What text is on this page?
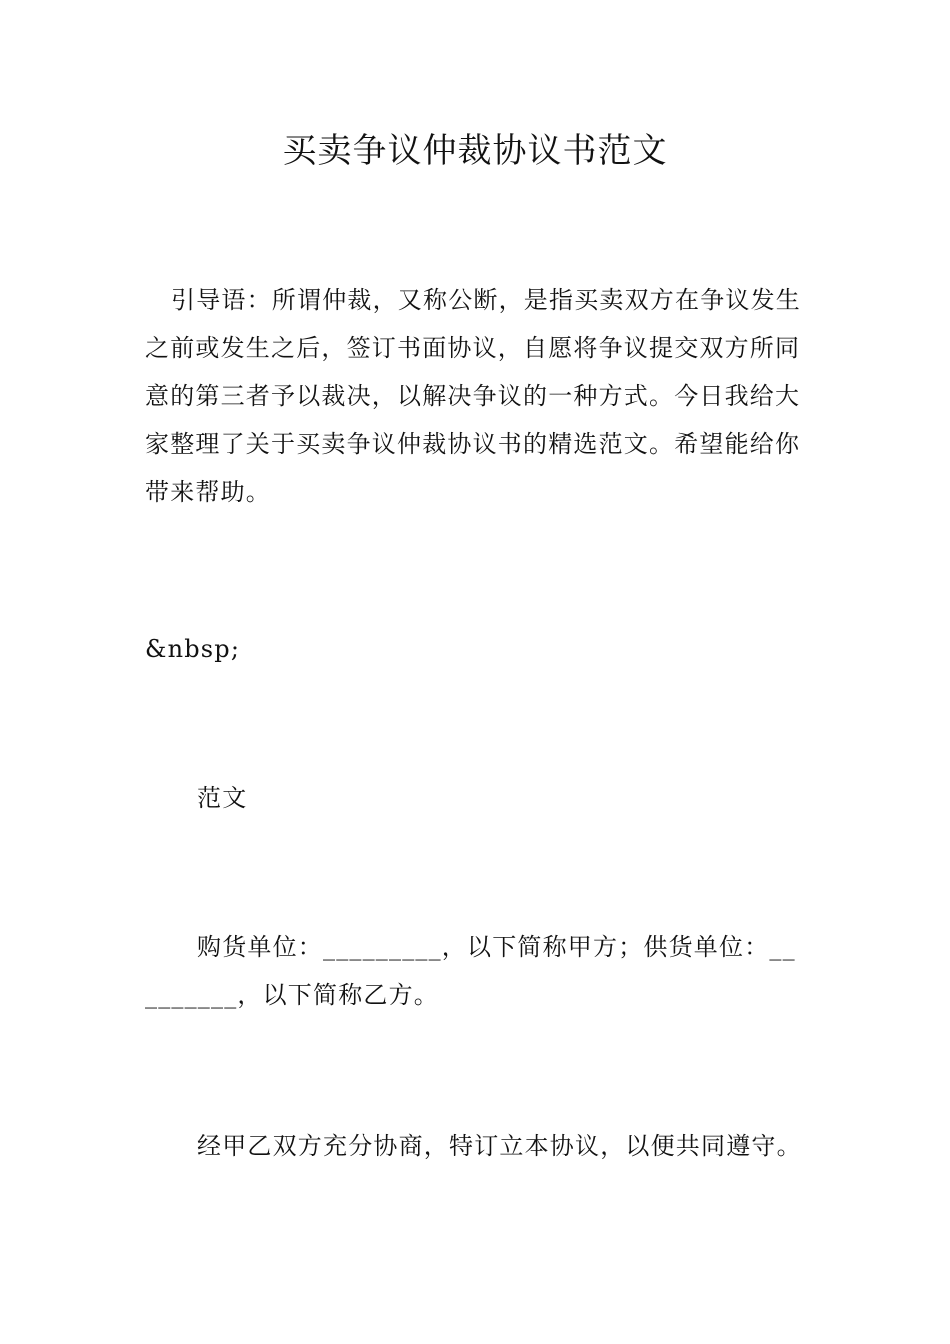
买卖争议仲裁协议书范文

引导语：所谓仲裁，又称公断，是指买卖双方在争议发生之前或发生之后，签订书面协议，自愿将争议提交双方所同意的第三者予以裁决，以解决争议的一种方式。今日我给大家整理了关于买卖争议仲裁协议书的精选范文。希望能给你带来帮助。

&nbsp;

范文

购货单位：_________，以下简称甲方；供货单位：_________，以下简称乙方。

经甲乙双方充分协商，特订立本协议，以便共同遵守。
